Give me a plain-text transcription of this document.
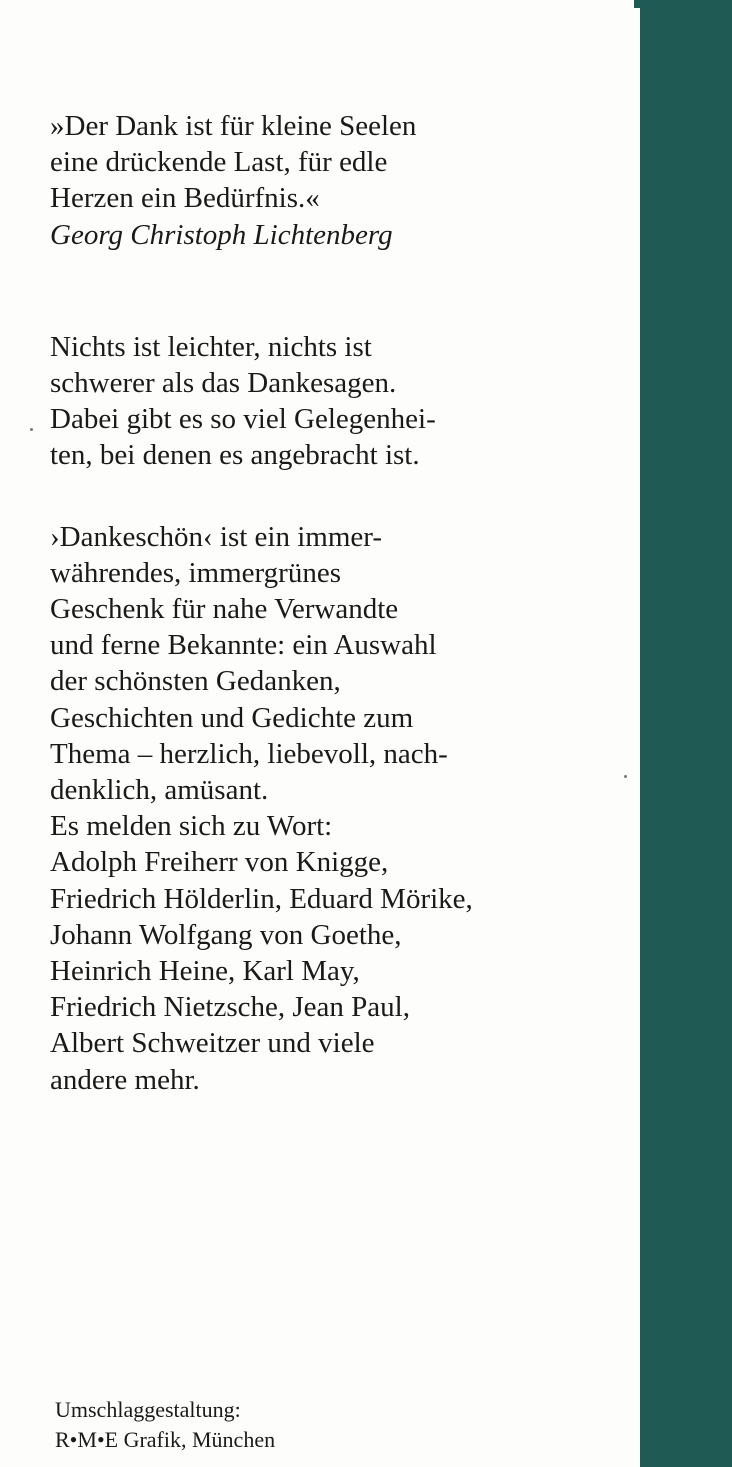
»Der Dank ist für kleine Seelen

eine drückende Last, für edle

Herzen ein Bedürfnis.«

Georg Christoph Lichtenberg

Nichts ist leichter, nichts ist

schwerer als das Dankesagen.

Dabei gibt es so viel Gelegenhei-

ten, bei denen es angebracht ist.

›Dankeschön‹ ist ein immer-

währendes, immergrünes

Geschenk für nahe Verwandte

und ferne Bekannte: ein Auswahl

der schönsten Gedanken,

Geschichten und Gedichte zum

Thema – herzlich, liebevoll, nach-

denklich, amüsant.

Es melden sich zu Wort:

Adolph Freiherr von Knigge,

Friedrich Hölderlin, Eduard Mörike,

Johann Wolfgang von Goethe,

Heinrich Heine, Karl May,

Friedrich Nietzsche, Jean Paul,

Albert Schweitzer und viele

andere mehr.

Umschlaggestaltung:
R•M•E Grafik, München
